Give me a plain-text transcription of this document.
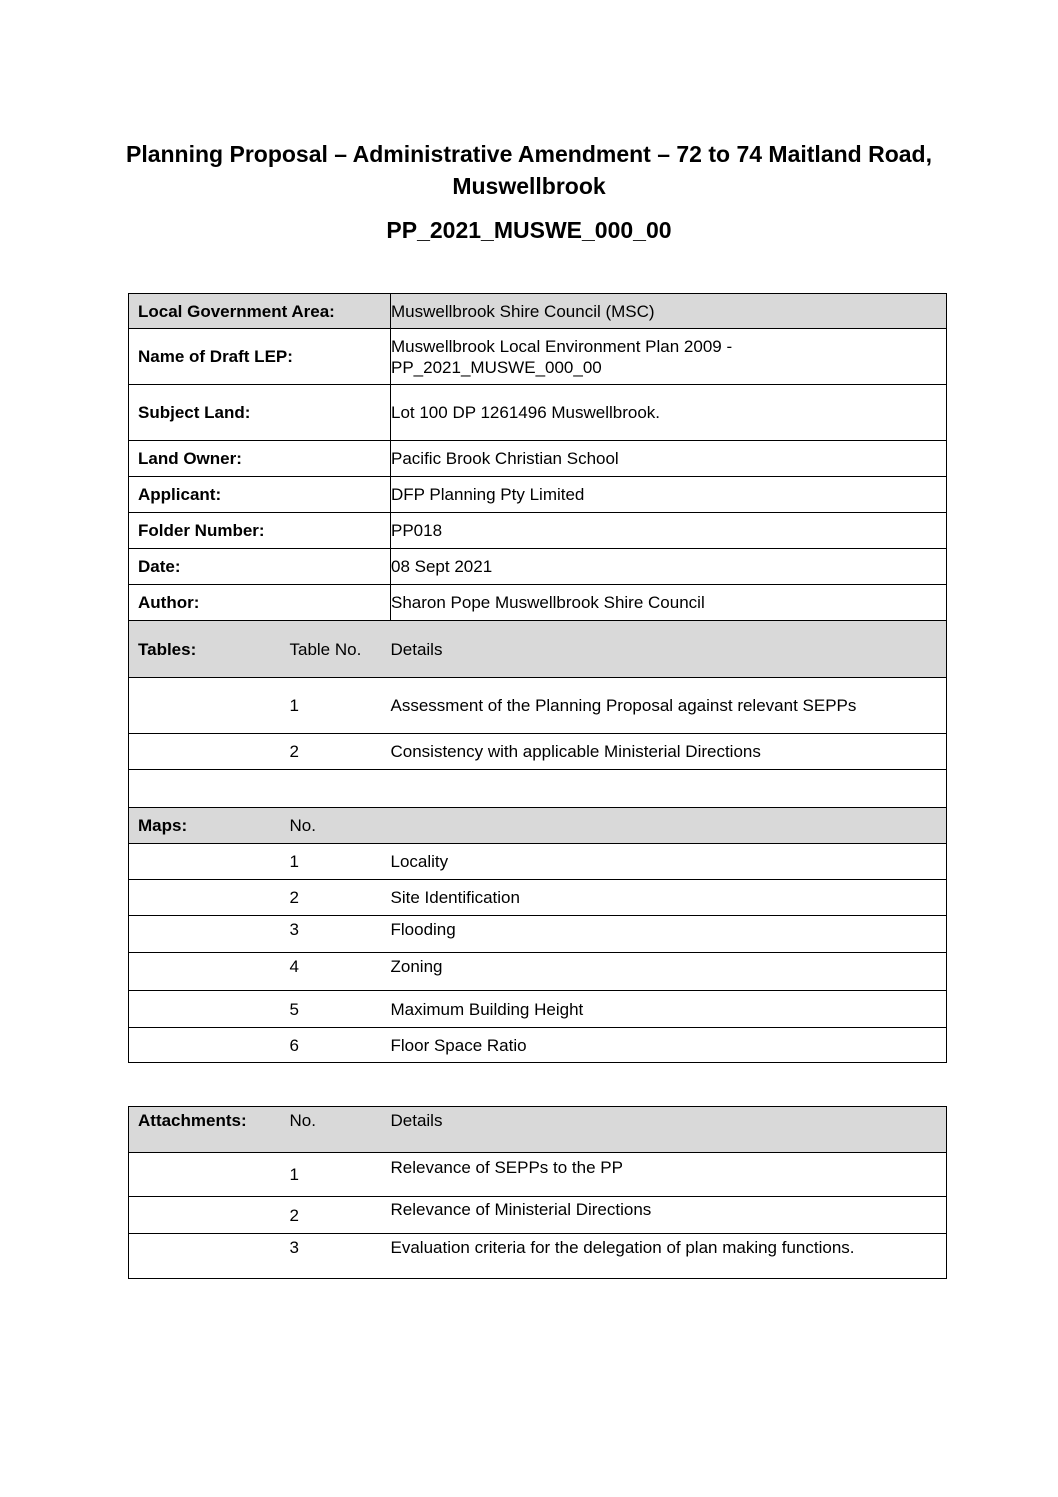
Planning Proposal – Administrative Amendment – 72 to 74 Maitland Road, Muswellbrook
PP_2021_MUSWE_000_00
Local Government Area:		Muswellbrook Shire Council (MSC)
Name of Draft LEP:		Muswellbrook Local Environment Plan 2009 - PP_2021_MUSWE_000_00
Subject Land:		Lot 100 DP 1261496 Muswellbrook.
Land Owner:		Pacific Brook Christian School
Applicant:		DFP Planning Pty Limited
Folder Number:		PP018
Date:		08 Sept 2021
Author:		Sharon Pope Muswellbrook Shire Council
Tables:	Table No.	Details
	1	Assessment of the Planning Proposal against relevant SEPPs
	2	Consistency with applicable Ministerial Directions

Maps:	No.	
	1	Locality
	2	Site Identification
	3	Flooding
	4	Zoning
	5	Maximum Building Height
	6	Floor Space Ratio
Attachments:	No.	Details
	1	Relevance of SEPPs to the PP
	2	Relevance of Ministerial Directions
	3	Evaluation criteria for the delegation of plan making functions.
